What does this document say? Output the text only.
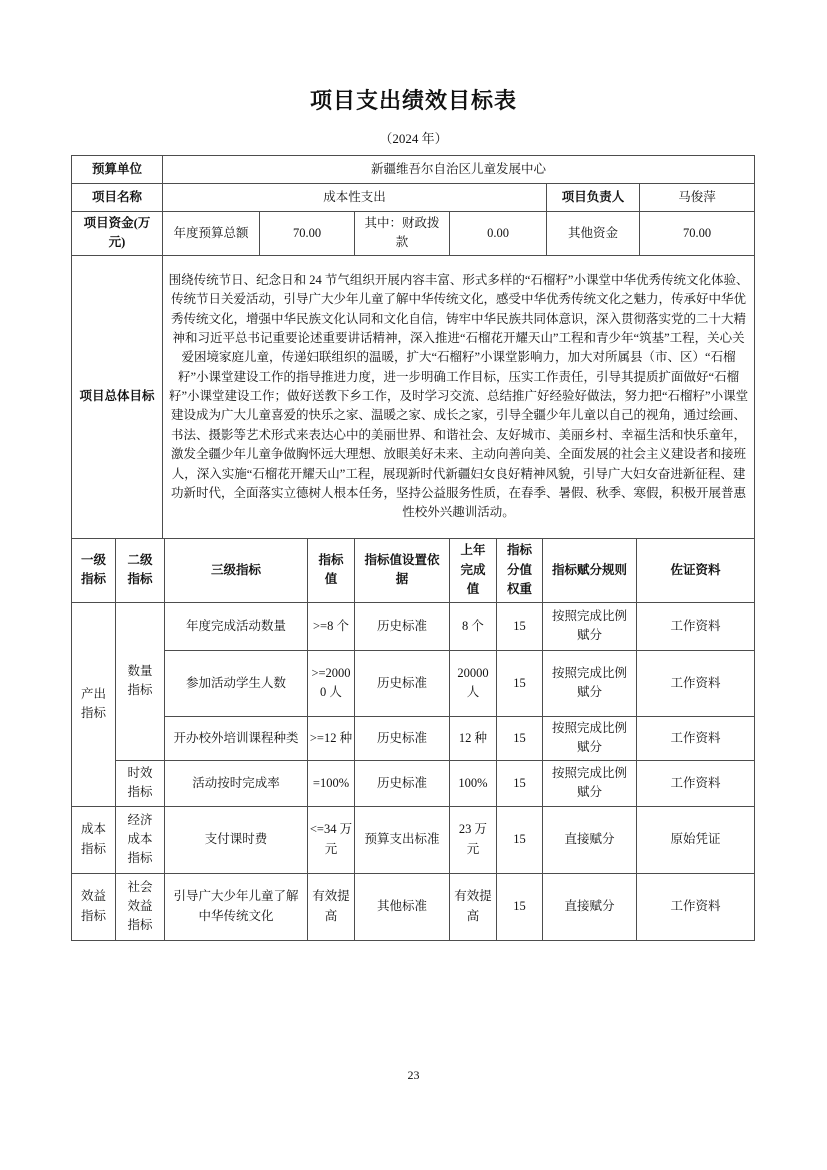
项目支出绩效目标表
（2024 年）
预算单位	新疆维吾尔自治区儿童发展中心					
项目名称	成本性支出				项目负责人	马俊萍
项目资金(万元)	年度预算总额	70.00	其中：财政拨款	0.00	其他资金	70.00
项目总体目标	围绕传统节日、纪念日和 24 节气组织开展内容丰富、形式多样的“石榴籽”小课堂中华优秀传统文化体验、传统节日关爱活动，引导广大少年儿童了解中华传统文化，感受中华优秀传统文化之魅力，传承好中华优秀传统文化，增强中华民族文化认同和文化自信，铸牢中华民族共同体意识，深入贯彻落实党的二十大精神和习近平总书记重要论述重要讲话精神，深入推进“石榴花开耀天山”工程和青少年“筑基”工程，关心关爱困境家庭儿童，传递妇联组织的温暖，扩大“石榴籽”小课堂影响力，加大对所属县（市、区）“石榴籽”小课堂建设工作的指导推进力度，进一步明确工作目标，压实工作责任，引导其提质扩面做好“石榴籽”小课堂建设工作；做好送教下乡工作，及时学习交流、总结推广好经验好做法，努力把“石榴籽”小课堂建设成为广大儿童喜爱的快乐之家、温暖之家、成长之家，引导全疆少年儿童以自己的视角，通过绘画、书法、摄影等艺术形式来表达心中的美丽世界、和谐社会、友好城市、美丽乡村、幸福生活和快乐童年，激发全疆少年儿童争做胸怀远大理想、放眼美好未来、主动向善向美、全面发展的社会主义建设者和接班人，深入实施“石榴花开耀天山”工程，展现新时代新疆妇女良好精神风貌，引导广大妇女奋进新征程、建功新时代，全面落实立德树人根本任务，坚持公益服务性质，在春季、暑假、秋季、寒假，积极开展普惠性校外兴趣训活动。					
一级指标	二级指标	三级指标	指标值	指标值设置依据	上年完成值	指标分值权重	指标赋分规则	佐证资料
产出指标	数量指标	年度完成活动数量	>=8 个	历史标准	8 个	15	按照完成比例赋分	工作资料
		参加活动学生人数	>=20000 人	历史标准	20000 人	15	按照完成比例赋分	工作资料
		开办校外培训课程种类	>=12 种	历史标准	12 种	15	按照完成比例赋分	工作资料
	时效指标	活动按时完成率	=100%	历史标准	100%	15	按照完成比例赋分	工作资料
成本指标	经济成本指标	支付课时费	<=34 万元	预算支出标准	23 万元	15	直接赋分	原始凭证
效益指标	社会效益指标	引导广大少年儿童了解中华传统文化	有效提高	其他标准	有效提高	15	直接赋分	工作资料
23
